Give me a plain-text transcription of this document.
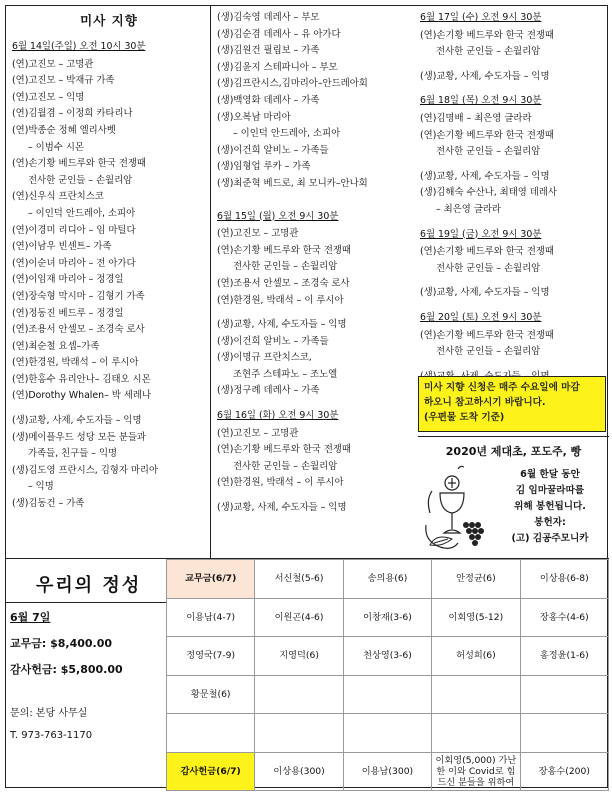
미사 지향
6월 14일(주일) 오전 10시 30분
(연)고진모 – 고명관
(연)고진모 – 박재규 가족
(연)고진모 – 익명
(연)김월겸 – 이정희 카타리나
(연)박종순 정혜 엘리사벳
– 이범수 시몬
(연)손기황 베드루와 한국 전쟁때
전사한 군인들 – 손월리암
(연)신우식 프란치스코
– 이인덕 안드레아, 소피아
(연)이경미 리디아 – 임 마틸다
(연)이남우 빈센트– 가족
(연)이순녀 마리아 – 전 아가다
(연)이임재 마리아 – 정경일
(연)장숙형 막시마 – 김형기 가족
(연)정동진 베드루 – 정경일
(연)조용서 안셀모 – 조경숙 로사
(연)최순철 요셉–가족
(연)한경원, 박래석 – 이 루시아
(연)한홍수 유리안나– 김태오 시몬
(연)Dorothy Whalen– 박 세레나
(생)교황, 사제, 수도자들 – 익명
(생)메이플우드 성당 모든 분들과
가족들, 친구들 – 익명
(생)김도영 프란시스, 김형자 마리아
– 익명
(생)김동건 – 가족
(생)김숙영 데레사 – 부모
(생)김순겸 데레사 – 유 아가다
(생)김원건 필립보 – 가족
(생)김윤지 스테파니아 – 부모
(생)김프란시스,김마리아–안드레아회
(생)백영화 데레사 – 가족
(생)오복남 마리아
– 이인덕 안드레아, 소피아
(생)이건희 알비노 – 가족들
(생)임형업 루카 – 가족
(생)최준혁 베드로, 최 모니카–안나회
6월 15일 (월) 오전 9시 30분
(연)고진모 – 고명관
(연)손기황 베드루와 한국 전쟁때
전사한 군인들 – 손월리암
(연)조용서 안셀모 – 조경숙 로사
(연)한경원, 박래석 – 이 루시아
(생)교황, 사제, 수도자들 – 익명
(생)이건희 알비노 – 가족들
(생)이명규 프란치스코,
조현주 스테파노 – 조노엘
(생)정구례 데레사 – 가족
6월 16일 (화) 오전 9시 30분
(연)고진모 – 고명관
(연)손기황 베드루와 한국 전쟁때
전사한 군인들 – 손월리암
(연)한경원, 박래석 – 이 루시아
(생)교황, 사제, 수도자들 – 익명
6월 17일 (수) 오전 9시 30분
(연)손기황 베드루와 한국 전쟁때
전사한 군인들 – 손월리암
(생)교황, 사제, 수도자들 – 익명
6월 18일 (목) 오전 9시 30분
(연)김명배 – 최은영 글라라
(연)손기황 베드루와 한국 전쟁때
전사한 군인들 – 손월리암
(생)교황, 사제, 수도자들 – 익명
(생)김해숙 수산나, 최태영 데레사
– 최은영 글라라
6월 19일 (금) 오전 9시 30분
(연)손기황 베드루와 한국 전쟁때
전사한 군인들 – 손월리암
(생)교황, 사제, 수도자들 – 익명
6월 20일 (토) 오전 9시 30분
(연)손기황 베드루와 한국 전쟁때
전사한 군인들 – 손월리암
미사 지향 신청은 매주 수요일에 마감
하오니 참고하시기 바랍니다.
(우편물 도착 기준)
2020년 제대초, 포도주, 빵
6월 한달 동안
김 임마꿀라따를
위해 봉헌됩니다.
봉헌자:
(고) 김공주모니카
우리의 정성
6월 7일
교무금: $8,400.00
감사헌금: $5,800.00
문의: 본당 사무실
T. 973-763-1170
교무금(6/7)	서신철(5-6)	송의용(6)	안정균(6)	이상용(6-8)
이용남(4-7)	이원곤(4-6)	이창재(3-6)	이회영(5-12)	장홍수(4-6)
정영국(7-9)	지영덕(6)	천상영(3-6)	허성희(6)	홍정윤(1-6)
황문철(6)				

감사헌금(6/7)	이상용(300)	이용남(300)	이회영(5,000) 가난한 이와 Covid로 힘드신 분들을 위하여	장홍수(200)
